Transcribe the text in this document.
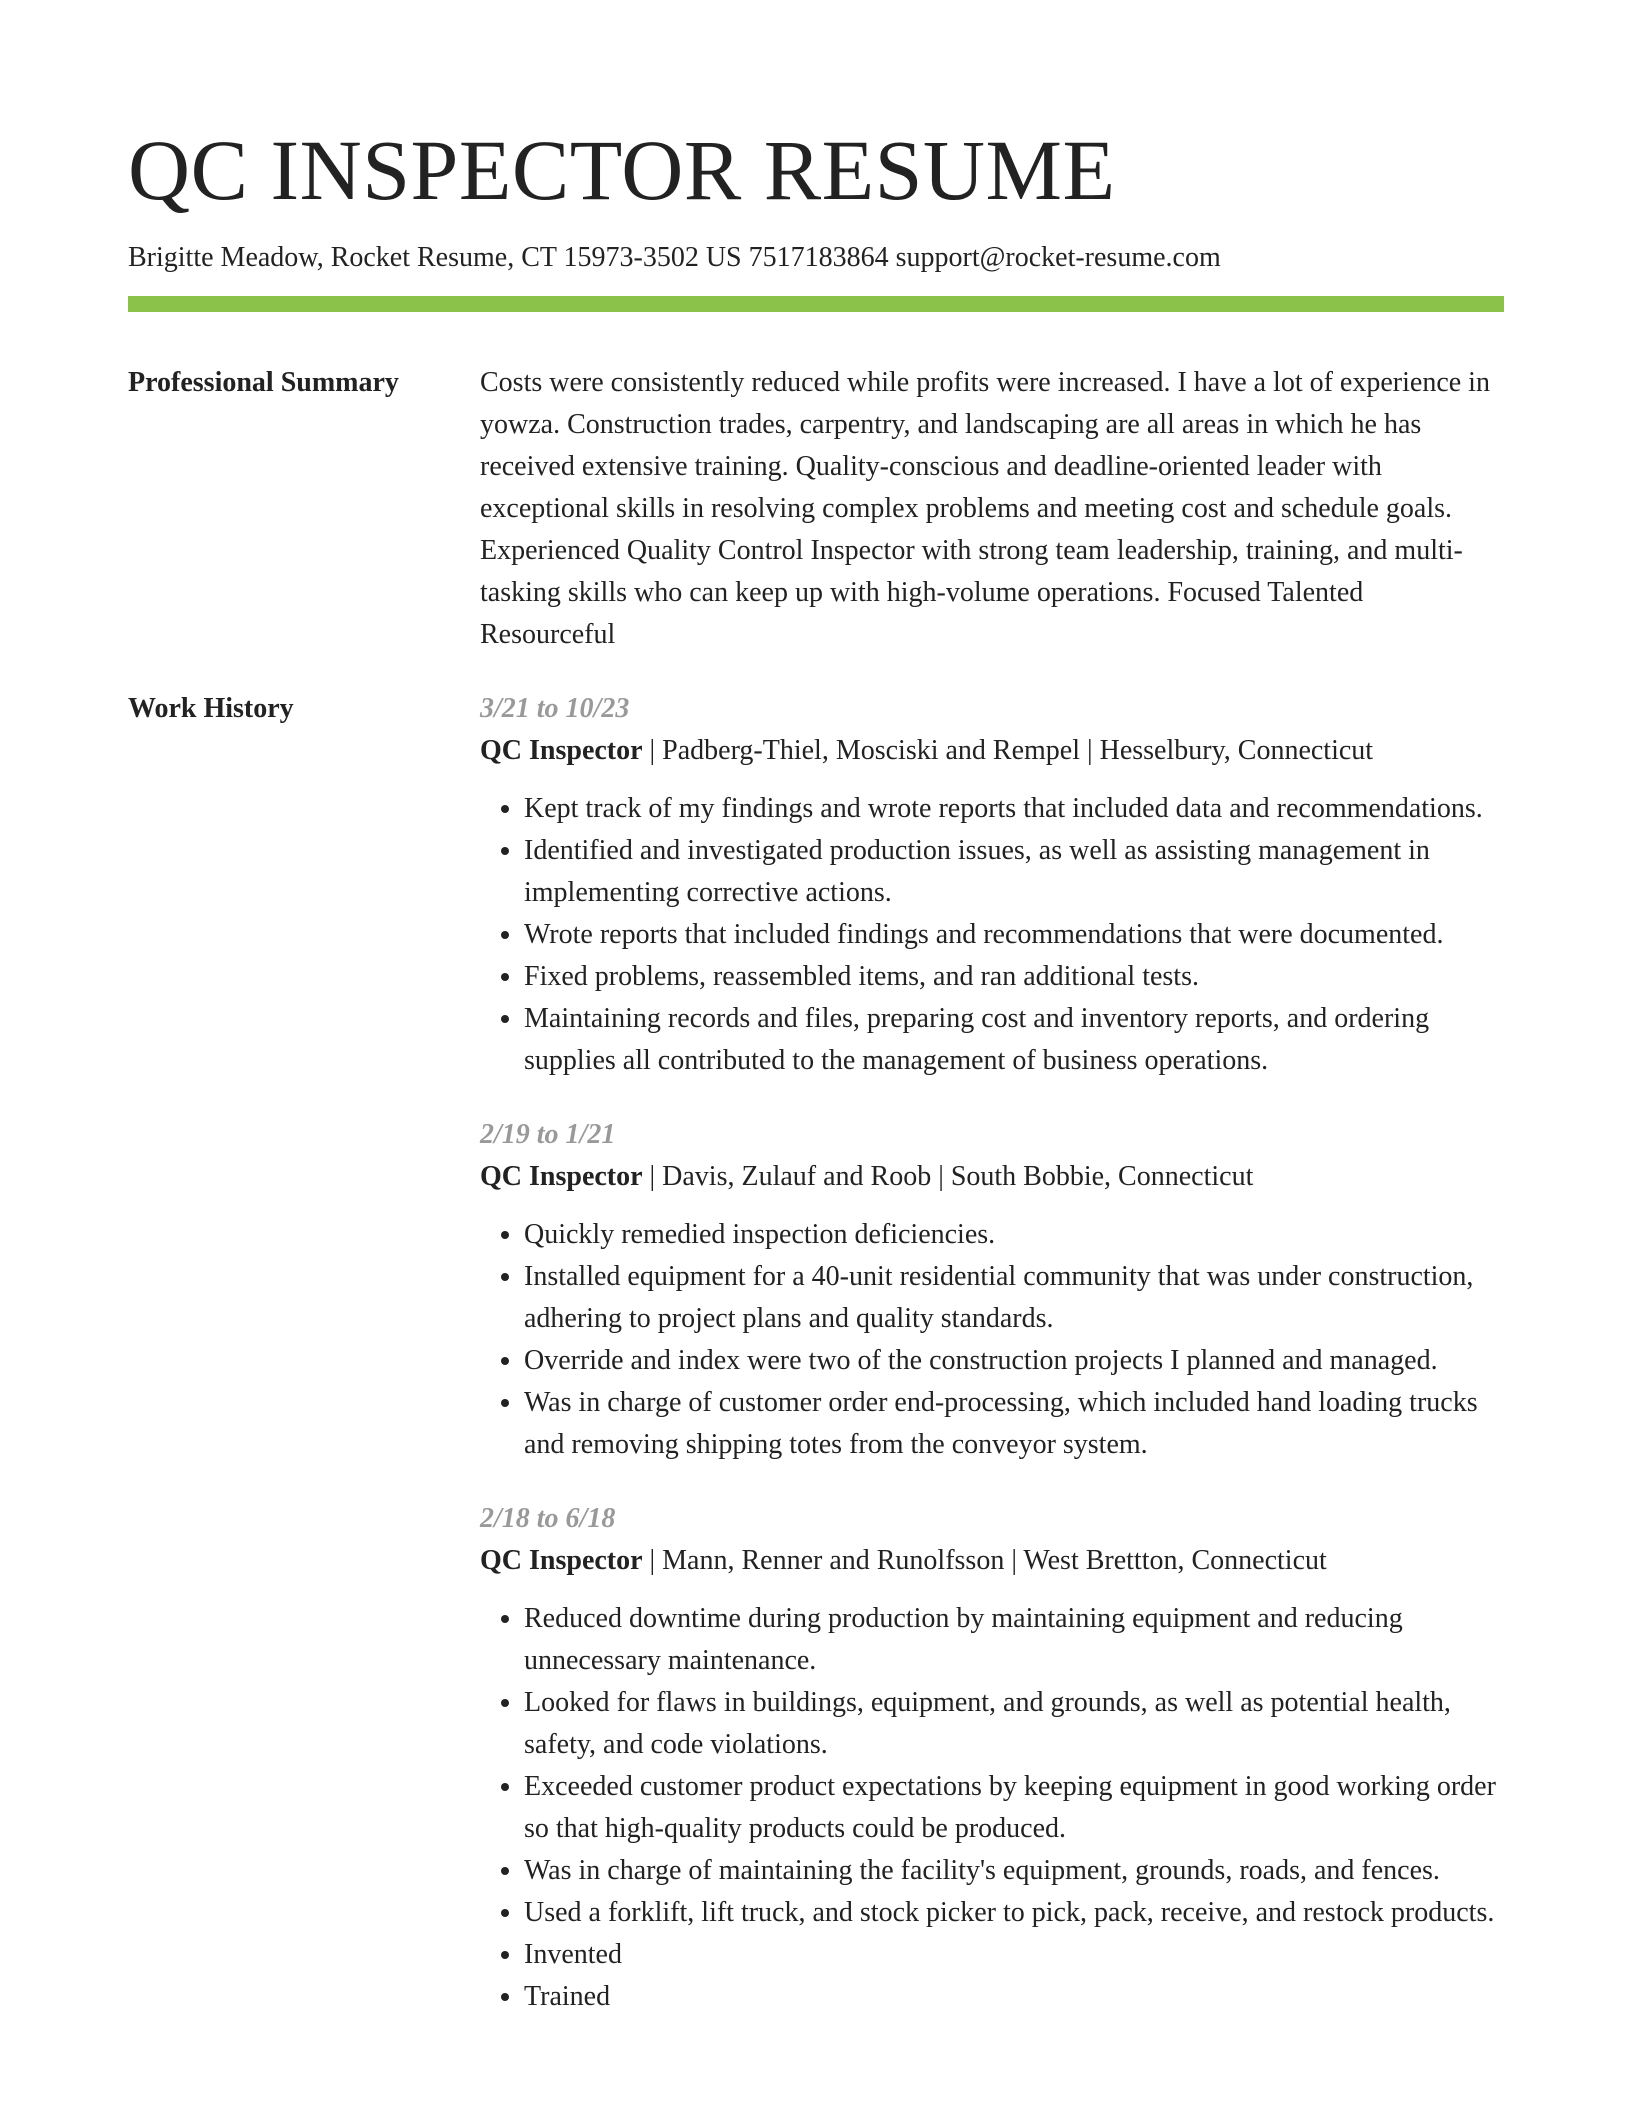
QC INSPECTOR RESUME
Brigitte Meadow, Rocket Resume, CT 15973-3502 US 7517183864 support@rocket-resume.com
Professional Summary	Costs were consistently reduced while profits were increased. I have a lot of experience in yowza. Construction trades, carpentry, and landscaping are all areas in which he has received extensive training. Quality-conscious and deadline-oriented leader with exceptional skills in resolving complex problems and meeting cost and schedule goals. Experienced Quality Control Inspector with strong team leadership, training, and multi-tasking skills who can keep up with high-volume operations. Focused Talented Resourceful

Work History	3/21 to 10/23
QC Inspector | Padberg-Thiel, Mosciski and Rempel | Hesselbury, Connecticut
• Kept track of my findings and wrote reports that included data and recommendations.
• Identified and investigated production issues, as well as assisting management in implementing corrective actions.
• Wrote reports that included findings and recommendations that were documented.
• Fixed problems, reassembled items, and ran additional tests.
• Maintaining records and files, preparing cost and inventory reports, and ordering supplies all contributed to the management of business operations.
2/19 to 1/21
QC Inspector | Davis, Zulauf and Roob | South Bobbie, Connecticut
• Quickly remedied inspection deficiencies.
• Installed equipment for a 40-unit residential community that was under construction, adhering to project plans and quality standards.
• Override and index were two of the construction projects I planned and managed.
• Was in charge of customer order end-processing, which included hand loading trucks and removing shipping totes from the conveyor system.
2/18 to 6/18
QC Inspector | Mann, Renner and Runolfsson | West Brettton, Connecticut
• Reduced downtime during production by maintaining equipment and reducing unnecessary maintenance.
• Looked for flaws in buildings, equipment, and grounds, as well as potential health, safety, and code violations.
• Exceeded customer product expectations by keeping equipment in good working order so that high-quality products could be produced.
• Was in charge of maintaining the facility's equipment, grounds, roads, and fences.
• Used a forklift, lift truck, and stock picker to pick, pack, receive, and restock products.
• Invented
• Trained
